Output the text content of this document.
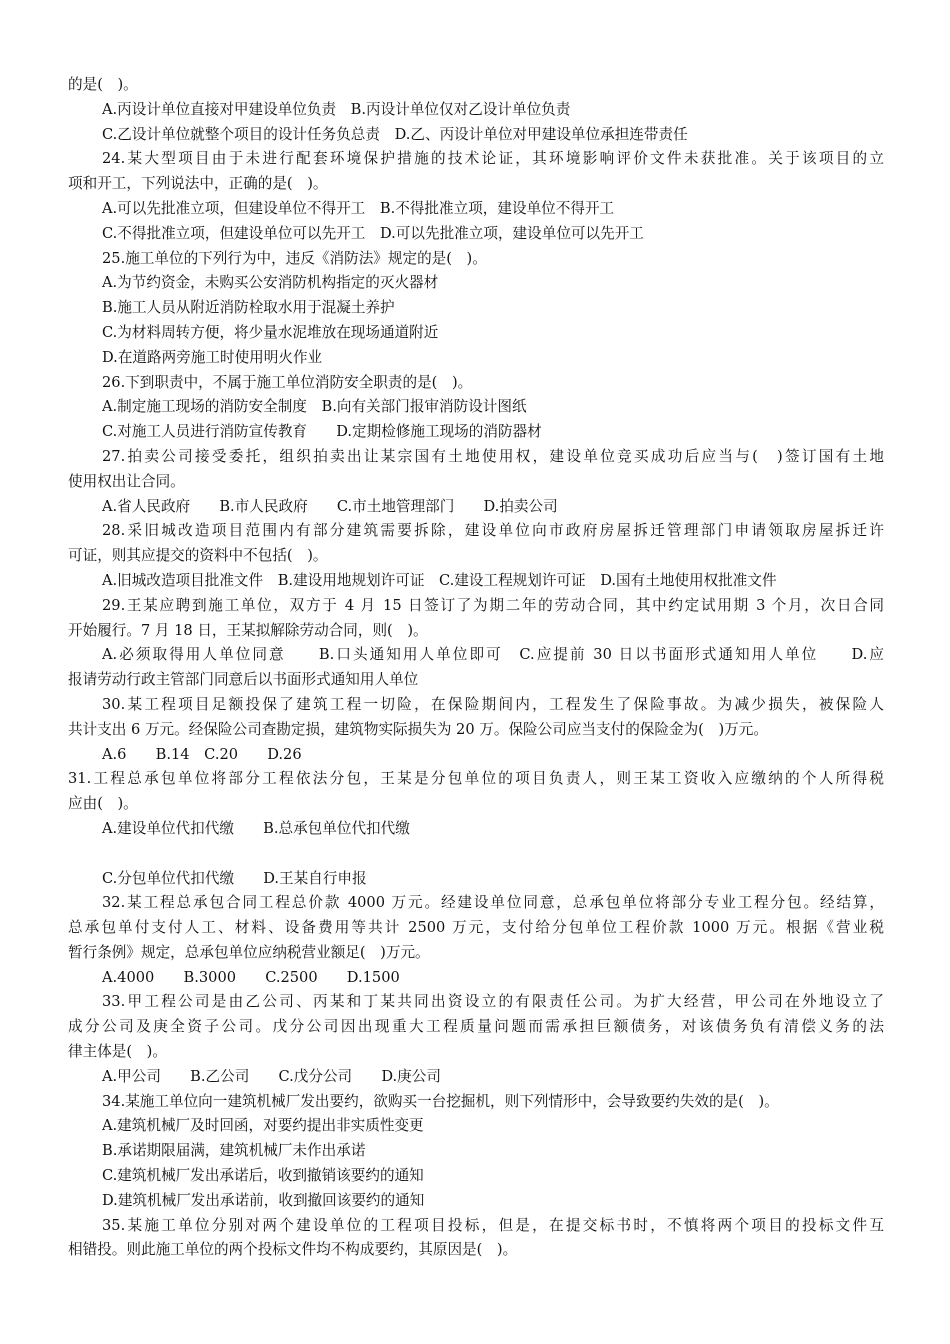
的是(　)。
A.丙设计单位直接对甲建设单位负责　B.丙设计单位仅对乙设计单位负责
C.乙设计单位就整个项目的设计任务负总责　D.乙、丙设计单位对甲建设单位承担连带责任
24.某大型项目由于未进行配套环境保护措施的技术论证，其环境影响评价文件未获批准。关于该项目的立
项和开工，下列说法中，正确的是(　)。
A.可以先批准立项，但建设单位不得开工　B.不得批准立项，建设单位不得开工
C.不得批准立项，但建设单位可以先开工　D.可以先批准立项，建设单位可以先开工
25.施工单位的下列行为中，违反《消防法》规定的是(　)。
A.为节约资金，未购买公安消防机构指定的灭火器材
B.施工人员从附近消防栓取水用于混凝土养护
C.为材料周转方便，将少量水泥堆放在现场通道附近
D.在道路两旁施工时使用明火作业
26.下到职责中，不属于施工单位消防安全职责的是(　)。
A.制定施工现场的消防安全制度　B.向有关部门报审消防设计图纸
C.对施工人员进行消防宣传教育　　D.定期检修施工现场的消防器材
27.拍卖公司接受委托，组织拍卖出让某宗国有土地使用权，建设单位竞买成功后应当与(　)签订国有土地
使用权出让合同。
A.省人民政府　　B.市人民政府　　C.市土地管理部门　　D.拍卖公司
28.采旧城改造项目范围内有部分建筑需要拆除，建设单位向市政府房屋拆迁管理部门申请领取房屋拆迁许
可证，则其应提交的资料中不包括(　)。
A.旧城改造项目批准文件　B.建设用地规划许可证　C.建设工程规划许可证　D.国有土地使用权批准文件
29.王某应聘到施工单位，双方于 4 月 15 日签订了为期二年的劳动合同，其中约定试用期 3 个月，次日合同
开始履行。7 月 18 日，王某拟解除劳动合同，则(　)。
A.必须取得用人单位同意　　B.口头通知用人单位即可　C.应提前 30 日以书面形式通知用人单位　　D.应
报请劳动行政主管部门同意后以书面形式通知用人单位
30.某工程项目足额投保了建筑工程一切险，在保险期间内，工程发生了保险事故。为减少损失，被保险人
共计支出 6 万元。经保险公司查勘定损，建筑物实际损失为 20 万。保险公司应当支付的保险金为(　)万元。
A.6　　B.14　C.20　　D.26
31.工程总承包单位将部分工程依法分包，王某是分包单位的项目负责人，则王某工资收入应缴纳的个人所得税
应由(　)。
A.建设单位代扣代缴　　B.总承包单位代扣代缴
C.分包单位代扣代缴　　D.王某自行申报
32.某工程总承包合同工程总价款 4000 万元。经建设单位同意，总承包单位将部分专业工程分包。经结算，
总承包单付支付人工、材料、设备费用等共计 2500 万元，支付给分包单位工程价款 1000 万元。根据《营业税
暂行条例》规定，总承包单位应纳税营业额足(　)万元。
A.4000　　B.3000　　C.2500　　D.1500
33.甲工程公司是由乙公司、丙某和丁某共同出资设立的有限责任公司。为扩大经营，甲公司在外地设立了
成分公司及庚全资子公司。戊分公司因出现重大工程质量问题而需承担巨额债务，对该债务负有清偿义务的法
律主体是(　)。
A.甲公司　　B.乙公司　　C.戊分公司　　D.庚公司
34.某施工单位向一建筑机械厂发出要约，欲购买一台挖掘机，则下列情形中，会导致要约失效的是(　)。
A.建筑机械厂及时回函，对要约提出非实质性变更
B.承诺期限届满，建筑机械厂未作出承诺
C.建筑机械厂发出承诺后，收到撤销该要约的通知
D.建筑机械厂发出承诺前，收到撤回该要约的通知
35.某施工单位分别对两个建设单位的工程项目投标，但是，在提交标书时，不慎将两个项目的投标文件互
相错投。则此施工单位的两个投标文件均不构成要约，其原因是(　)。
